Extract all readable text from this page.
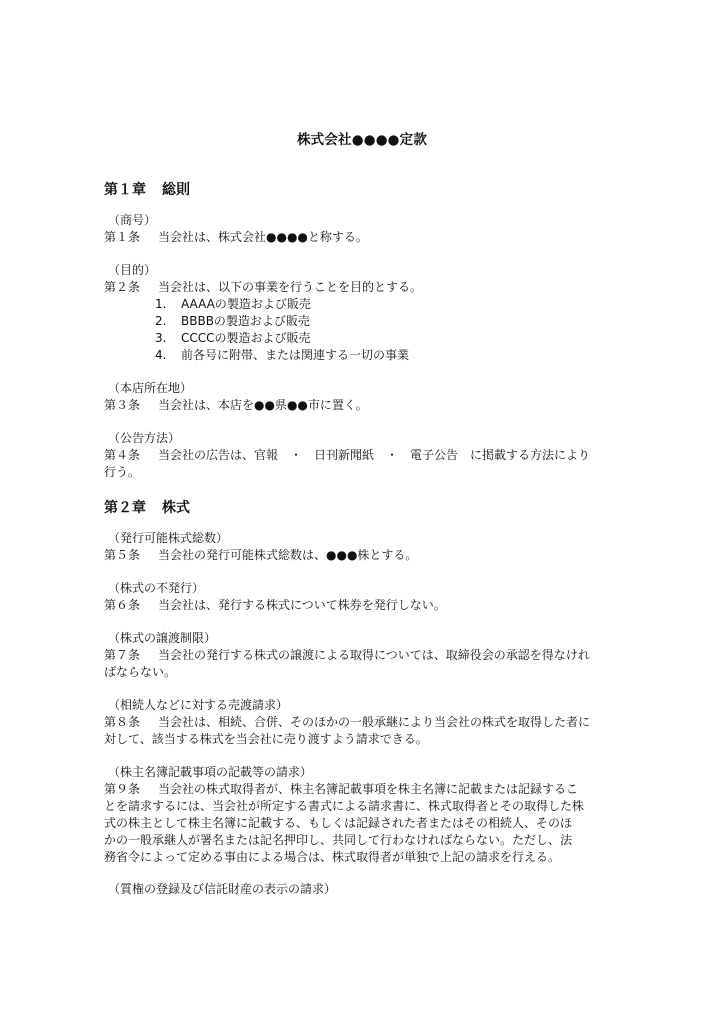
株式会社●●●●定款
第１章 総則
（商号）
第１条 当会社は、株式会社●●●●と称する。
（目的）
第２条 当会社は、以下の事業を行うことを目的とする。
1. AAAAの製造および販売
2. BBBBの製造および販売
3. CCCCの製造および販売
4. 前各号に附帯、または関連する一切の事業
（本店所在地）
第３条 当会社は、本店を●●県●●市に置く。
（公告方法）
第４条 当会社の広告は、官報　・　日刊新聞紙　・　電子公告　に掲載する方法により
行う。
第２章 株式
（発行可能株式総数）
第５条 当会社の発行可能株式総数は、●●●株とする。
（株式の不発行）
第６条 当会社は、発行する株式について株券を発行しない。
（株式の譲渡制限）
第７条 当会社の発行する株式の譲渡による取得については、取締役会の承認を得なけれ
ばならない。
（相続人などに対する売渡請求）
第８条 当会社は、相続、合併、そのほかの一般承継により当会社の株式を取得した者に
対して、該当する株式を当会社に売り渡すよう請求できる。
（株主名簿記載事項の記載等の請求）
第９条 当会社の株式取得者が、株主名簿記載事項を株主名簿に記載または記録するこ
とを請求するには、当会社が所定する書式による請求書に、株式取得者とその取得した株
式の株主として株主名簿に記載する、もしくは記録された者またはその相続人、そのほ
かの一般承継人が署名または記名押印し、共同して行わなければならない。ただし、法
務省令によって定める事由による場合は、株式取得者が単独で上記の請求を行える。
（質権の登録及び信託財産の表示の請求）
